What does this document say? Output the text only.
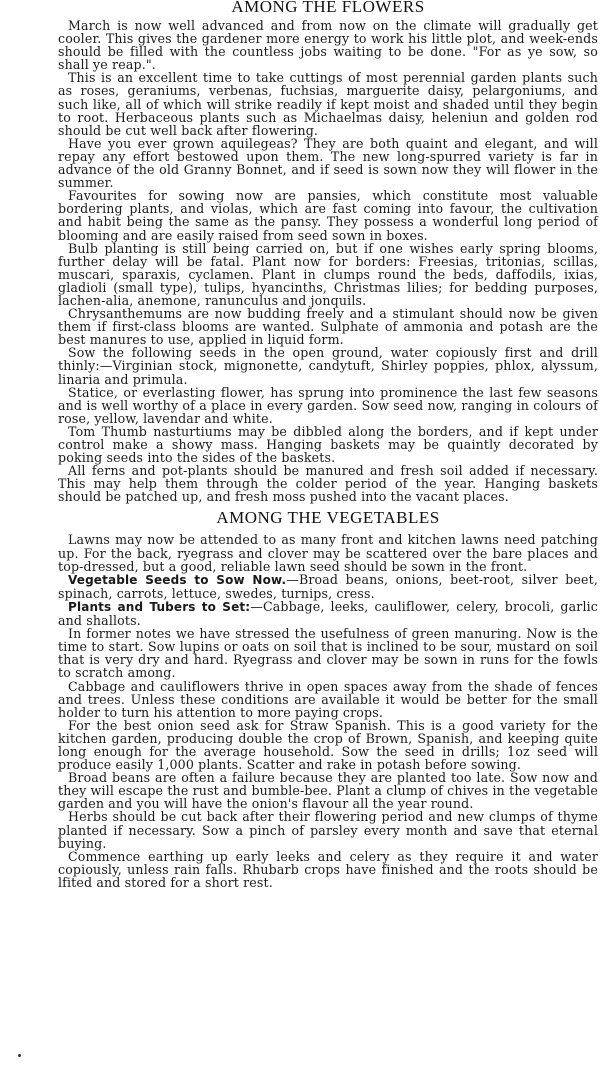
AMONG THE FLOWERS

March is now well advanced and from now on the climate will gradually get cooler. This gives the gardener more energy to work his little plot, and week-ends should be filled with the countless jobs waiting to be done. "For as ye sow, so shall ye reap.".

This is an excellent time to take cuttings of most perennial garden plants such as roses, geraniums, verbenas, fuchsias, marguerite daisy, pelargoniums, and such like, all of which will strike readily if kept moist and shaded until they begin to root. Herbaceous plants such as Michaelmas daisy, heleniun and golden rod should be cut well back after flowering.

Have you ever grown aquilegeas? They are both quaint and elegant, and will repay any effort bestowed upon them. The new long-spurred variety is far in advance of the old Granny Bonnet, and if seed is sown now they will flower in the summer.

Favourites for sowing now are pansies, which constitute most valuable bordering plants, and violas, which are fast coming into favour, the cultivation and habit being the same as the pansy. They possess a wonderful long period of blooming and are easily raised from seed sown in boxes.

Bulb planting is still being carried on, but if one wishes early spring blooms, further delay will be fatal. Plant now for borders: Freesias, tritonias, scillas, muscari, sparaxis, cyclamen. Plant in clumps round the beds, daffodils, ixias, gladioli (small type), tulips, hyancinths, Christmas lilies; for bedding purposes, lachen-alia, anemone, ranunculus and jonquils.

Chrysanthemums are now budding freely and a stimulant should now be given them if first-class blooms are wanted. Sulphate of ammonia and potash are the best manures to use, applied in liquid form.

Sow the following seeds in the open ground, water copiously first and drill thinly:—Virginian stock, mignonette, candytuft, Shirley poppies, phlox, alyssum, linaria and primula.

Statice, or everlasting flower, has sprung into prominence the last few seasons and is well worthy of a place in every garden. Sow seed now, ranging in colours of rose, yellow, lavendar and white.

Tom Thumb nasturtiums may be dibbled along the borders, and if kept under control make a showy mass. Hanging baskets may be quaintly decorated by poking seeds into the sides of the baskets.

All ferns and pot-plants should be manured and fresh soil added if necessary. This may help them through the colder period of the year. Hanging baskets should be patched up, and fresh moss pushed into the vacant places.

AMONG THE VEGETABLES

Lawns may now be attended to as many front and kitchen lawns need patching up. For the back, ryegrass and clover may be scattered over the bare places and top-dressed, but a good, reliable lawn seed should be sown in the front.

Vegetable Seeds to Sow Now.—Broad beans, onions, beet-root, silver beet, spinach, carrots, lettuce, swedes, turnips, cress.

Plants and Tubers to Set:—Cabbage, leeks, cauliflower, celery, brocoli, garlic and shallots.

In former notes we have stressed the usefulness of green manuring. Now is the time to start. Sow lupins or oats on soil that is inclined to be sour, mustard on soil that is very dry and hard. Ryegrass and clover may be sown in runs for the fowls to scratch among.

Cabbage and cauliflowers thrive in open spaces away from the shade of fences and trees. Unless these conditions are available it would be better for the small holder to turn his attention to more paying crops.

For the best onion seed ask for Straw Spanish. This is a good variety for the kitchen garden, producing double the crop of Brown, Spanish, and keeping quite long enough for the average household. Sow the seed in drills; 1oz seed will produce easily 1,000 plants. Scatter and rake in potash before sowing.

Broad beans are often a failure because they are planted too late. Sow now and they will escape the rust and bumble-bee. Plant a clump of chives in the vegetable garden and you will have the onion's flavour all the year round.

Herbs should be cut back after their flowering period and new clumps of thyme planted if necessary. Sow a pinch of parsley every month and save that eternal buying.

Commence earthing up early leeks and celery as they require it and water copiously, unless rain falls. Rhubarb crops have finished and the roots should be lfited and stored for a short rest.
